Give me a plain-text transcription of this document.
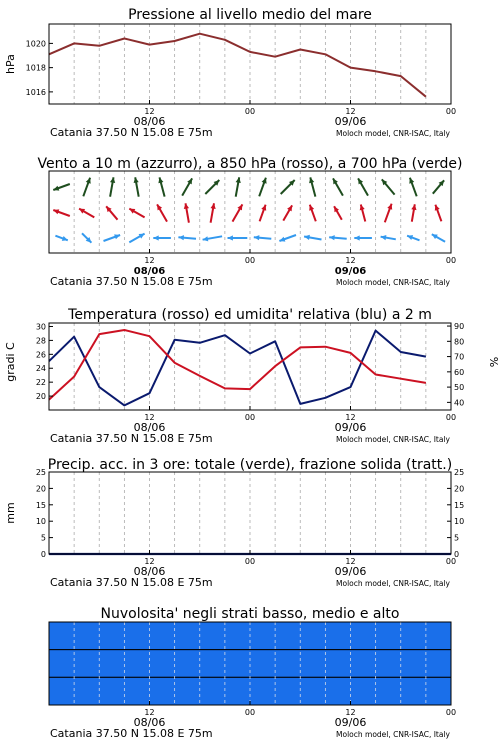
Pressione al livello medio del mare
hPa
1016
1018
1020
12	00	12	00
08/06	09/06
Catania 37.50 N 15.08 E 75m	Moloch model, CNR-ISAC, Italy
Vento a 10 m (azzurro), a 850 hPa (rosso), a 700 hPa (verde)
12	00	12	00
08/06	09/06
Catania 37.50 N 15.08 E 75m	Moloch model, CNR-ISAC, Italy
Temperatura (rosso) ed umidita' relativa (blu) a 2 m
gradi C	%
20
22
24
26
28
30
40
50
60
70
80
90
12	00	12	00
08/06	09/06
Catania 37.50 N 15.08 E 75m	Moloch model, CNR-ISAC, Italy
Precip. acc. in 3 ore: totale (verde), frazione solida (tratt.)
mm
0
5
10
15
20
25
0
5
10
15
20
25
12	00	12	00
08/06	09/06
Catania 37.50 N 15.08 E 75m	Moloch model, CNR-ISAC, Italy
Nuvolosita' negli strati basso, medio e alto
12	00	12	00
08/06	09/06
Catania 37.50 N 15.08 E 75m	Moloch model, CNR-ISAC, Italy
